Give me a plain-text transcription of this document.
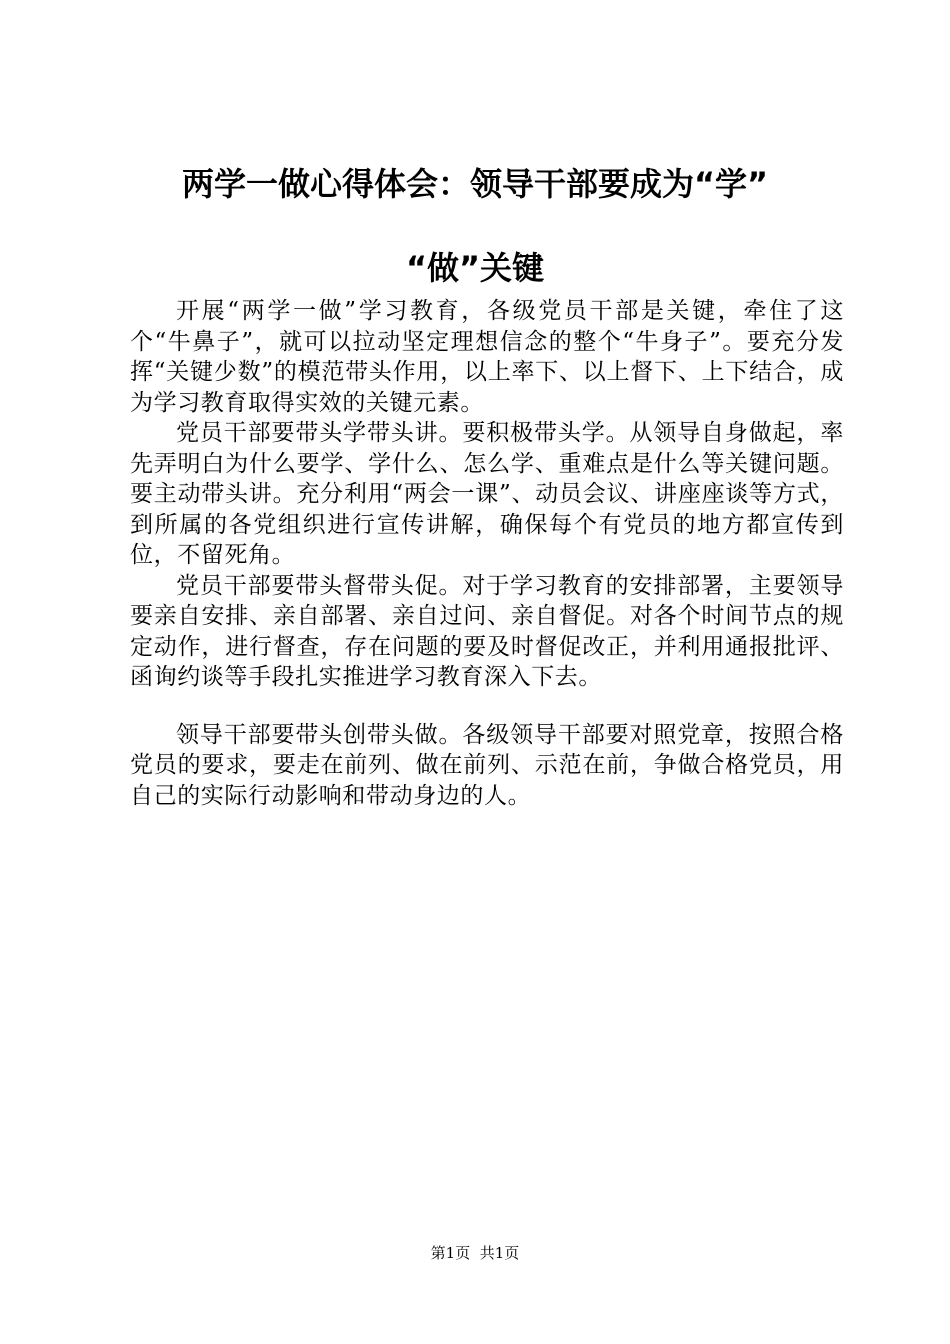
两学一做心得体会：领导干部要成为“学”
“做”关键

开展“两学一做”学习教育，各级党员干部是关键，牵住了这个“牛鼻子”，就可以拉动坚定理想信念的整个“牛身子”。要充分发挥“关键少数”的模范带头作用，以上率下、以上督下、上下结合，成为学习教育取得实效的关键元素。

党员干部要带头学带头讲。要积极带头学。从领导自身做起，率先弄明白为什么要学、学什么、怎么学、重难点是什么等关键问题。要主动带头讲。充分利用“两会一课”、动员会议、讲座座谈等方式，到所属的各党组织进行宣传讲解，确保每个有党员的地方都宣传到位，不留死角。

党员干部要带头督带头促。对于学习教育的安排部署，主要领导要亲自安排、亲自部署、亲自过问、亲自督促。对各个时间节点的规定动作，进行督查，存在问题的要及时督促改正，并利用通报批评、函询约谈等手段扎实推进学习教育深入下去。

领导干部要带头创带头做。各级领导干部要对照党章，按照合格党员的要求，要走在前列、做在前列、示范在前，争做合格党员，用自己的实际行动影响和带动身边的人。

第1页 共1页
